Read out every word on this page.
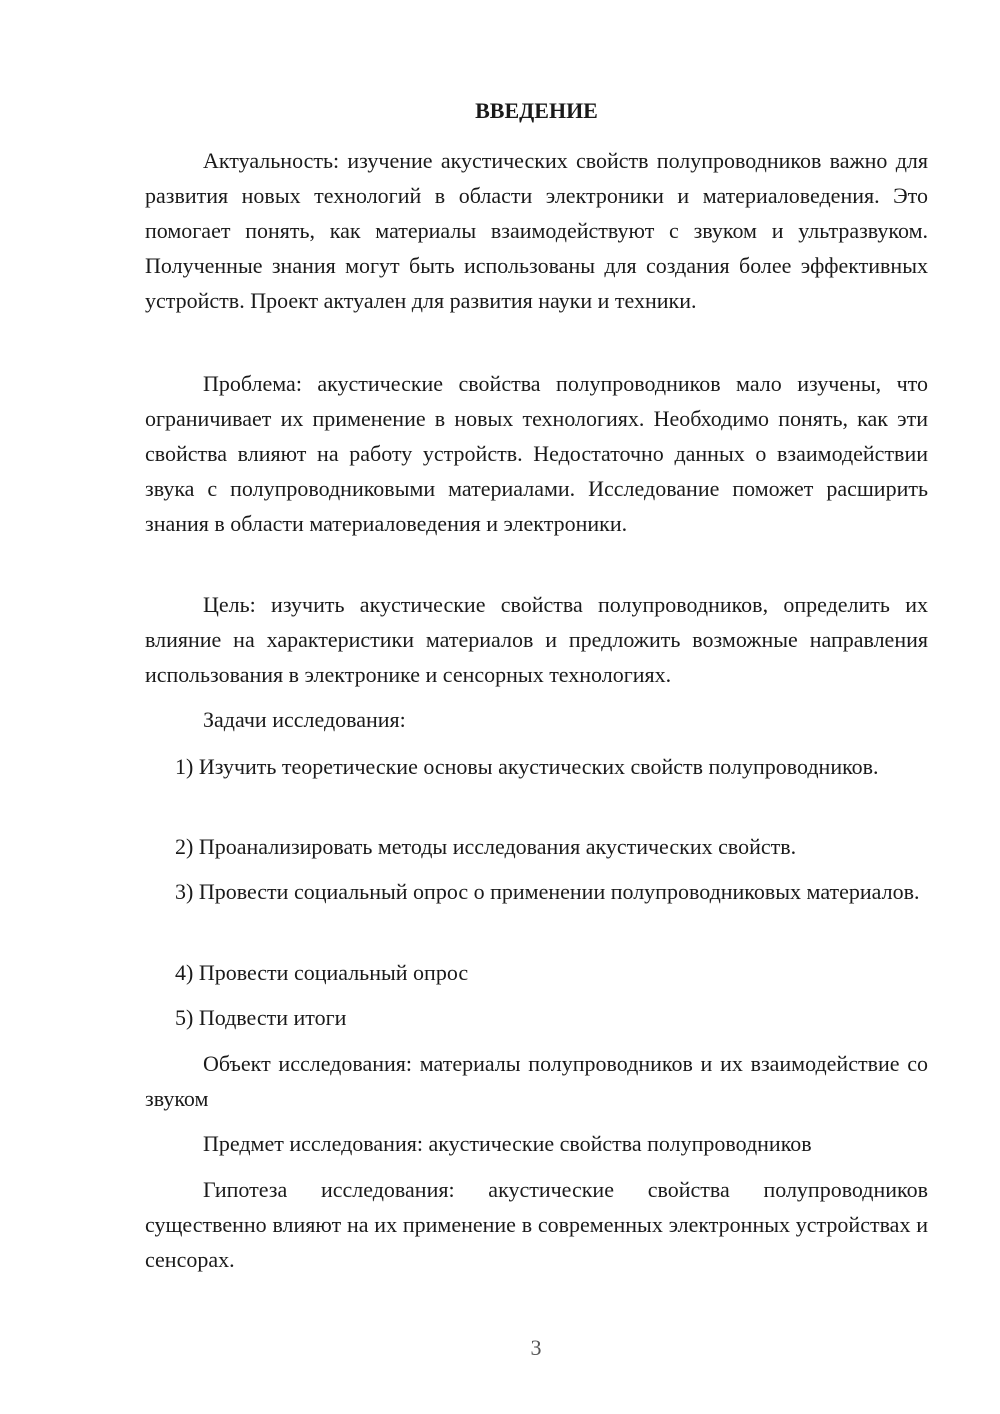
ВВЕДЕНИЕ

Актуальность: изучение акустических свойств полупроводников важно для развития новых технологий в области электроники и материаловедения. Это помогает понять, как материалы взаимодействуют с звуком и ультразвуком. Полученные знания могут быть использованы для создания более эффективных устройств. Проект актуален для развития науки и техники.

Проблема: акустические свойства полупроводников мало изучены, что ограничивает их применение в новых технологиях. Необходимо понять, как эти свойства влияют на работу устройств. Недостаточно данных о взаимодействии звука с полупроводниковыми материалами. Исследование поможет расширить знания в области материаловедения и электроники.

Цель: изучить акустические свойства полупроводников, определить их влияние на характеристики материалов и предложить возможные направления использования в электронике и сенсорных технологиях.

Задачи исследования:

1) Изучить теоретические основы акустических свойств полупроводников.

2) Проанализировать методы исследования акустических свойств.

3) Провести социальный опрос о применении полупроводниковых материалов.

4) Провести социальный опрос

5) Подвести итоги

Объект исследования: материалы полупроводников и их взаимодействие со звуком

Предмет исследования: акустические свойства полупроводников

Гипотеза исследования: акустические свойства полупроводников существенно влияют на их применение в современных электронных устройствах и сенсорах.

3
